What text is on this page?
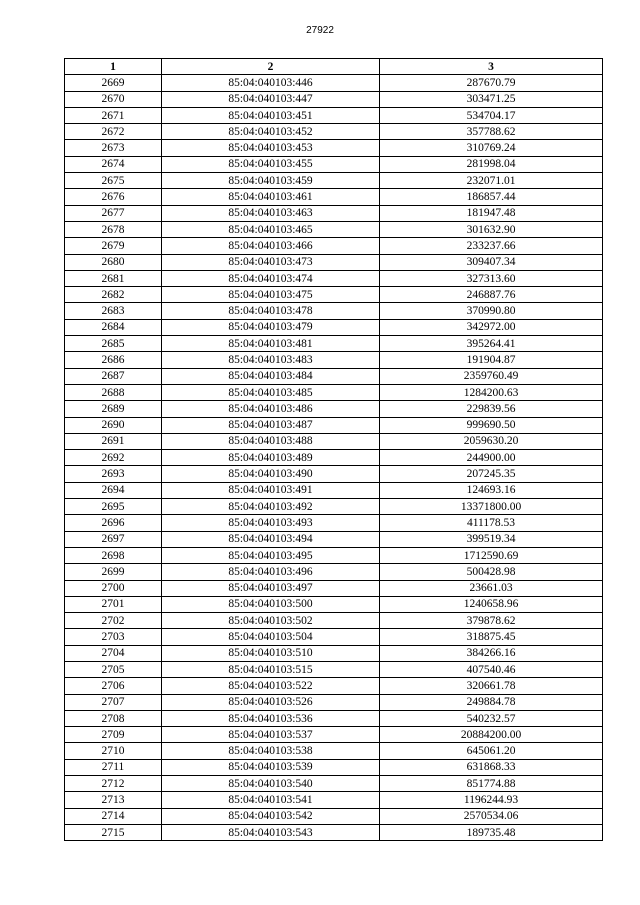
27922
1	2	3
2669	85:04:040103:446	287670.79
2670	85:04:040103:447	303471.25
2671	85:04:040103:451	534704.17
2672	85:04:040103:452	357788.62
2673	85:04:040103:453	310769.24
2674	85:04:040103:455	281998.04
2675	85:04:040103:459	232071.01
2676	85:04:040103:461	186857.44
2677	85:04:040103:463	181947.48
2678	85:04:040103:465	301632.90
2679	85:04:040103:466	233237.66
2680	85:04:040103:473	309407.34
2681	85:04:040103:474	327313.60
2682	85:04:040103:475	246887.76
2683	85:04:040103:478	370990.80
2684	85:04:040103:479	342972.00
2685	85:04:040103:481	395264.41
2686	85:04:040103:483	191904.87
2687	85:04:040103:484	2359760.49
2688	85:04:040103:485	1284200.63
2689	85:04:040103:486	229839.56
2690	85:04:040103:487	999690.50
2691	85:04:040103:488	2059630.20
2692	85:04:040103:489	244900.00
2693	85:04:040103:490	207245.35
2694	85:04:040103:491	124693.16
2695	85:04:040103:492	13371800.00
2696	85:04:040103:493	411178.53
2697	85:04:040103:494	399519.34
2698	85:04:040103:495	1712590.69
2699	85:04:040103:496	500428.98
2700	85:04:040103:497	23661.03
2701	85:04:040103:500	1240658.96
2702	85:04:040103:502	379878.62
2703	85:04:040103:504	318875.45
2704	85:04:040103:510	384266.16
2705	85:04:040103:515	407540.46
2706	85:04:040103:522	320661.78
2707	85:04:040103:526	249884.78
2708	85:04:040103:536	540232.57
2709	85:04:040103:537	20884200.00
2710	85:04:040103:538	645061.20
2711	85:04:040103:539	631868.33
2712	85:04:040103:540	851774.88
2713	85:04:040103:541	1196244.93
2714	85:04:040103:542	2570534.06
2715	85:04:040103:543	189735.48
